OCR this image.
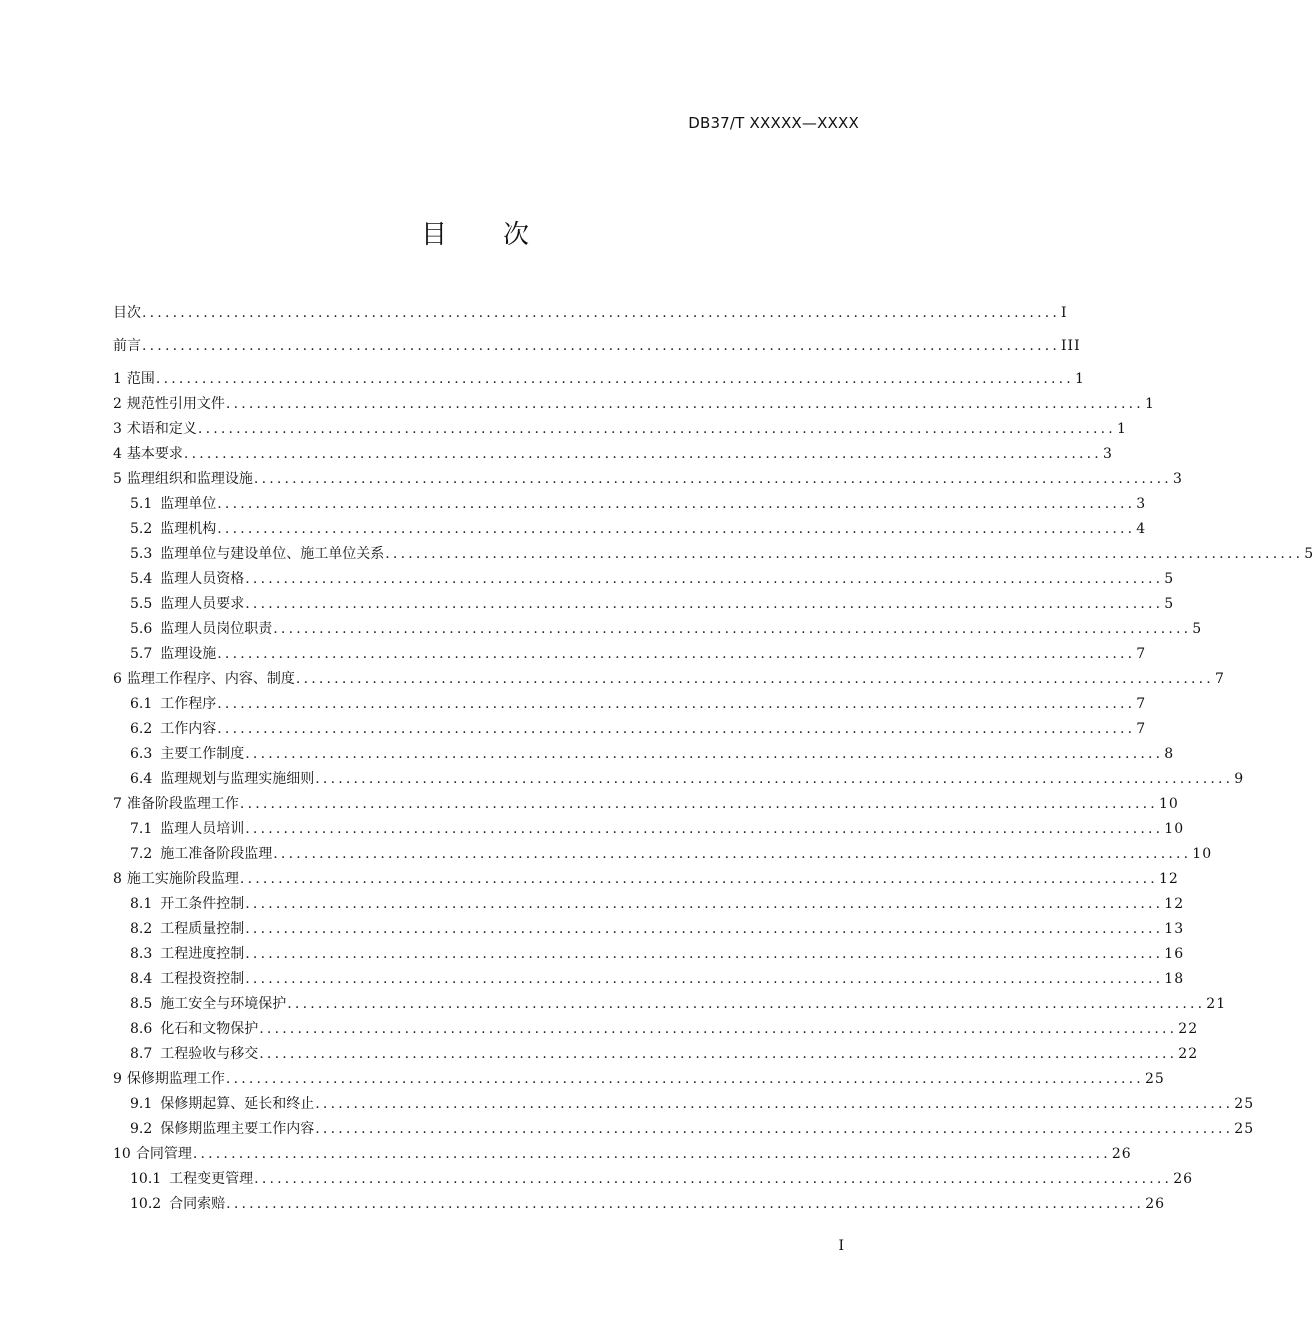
DB37/T XXXXX—XXXX
目 次
目次 ........................................................................................................................ I
前言 ........................................................................................................................ III
1 范围 ........................................................................................................................ 1
2 规范性引用文件 ........................................................................................................................ 1
3 术语和定义 ........................................................................................................................ 1
4 基本要求 ........................................................................................................................ 3
5 监理组织和监理设施 ........................................................................................................................ 3
5.1 监理单位 ........................................................................................................................ 3
5.2 监理机构 ........................................................................................................................ 4
5.3 监理单位与建设单位、施工单位关系 ........................................................................................................................ 5
5.4 监理人员资格 ........................................................................................................................ 5
5.5 监理人员要求 ........................................................................................................................ 5
5.6 监理人员岗位职责 ........................................................................................................................ 5
5.7 监理设施 ........................................................................................................................ 7
6 监理工作程序、内容、制度 ........................................................................................................................ 7
6.1 工作程序 ........................................................................................................................ 7
6.2 工作内容 ........................................................................................................................ 7
6.3 主要工作制度 ........................................................................................................................ 8
6.4 监理规划与监理实施细则 ........................................................................................................................ 9
7 准备阶段监理工作 ........................................................................................................................ 10
7.1 监理人员培训 ........................................................................................................................ 10
7.2 施工准备阶段监理 ........................................................................................................................ 10
8 施工实施阶段监理 ........................................................................................................................ 12
8.1 开工条件控制 ........................................................................................................................ 12
8.2 工程质量控制 ........................................................................................................................ 13
8.3 工程进度控制 ........................................................................................................................ 16
8.4 工程投资控制 ........................................................................................................................ 18
8.5 施工安全与环境保护 ........................................................................................................................ 21
8.6 化石和文物保护 ........................................................................................................................ 22
8.7 工程验收与移交 ........................................................................................................................ 22
9 保修期监理工作 ........................................................................................................................ 25
9.1 保修期起算、延长和终止 ........................................................................................................................ 25
9.2 保修期监理主要工作内容 ........................................................................................................................ 25
10 合同管理 ........................................................................................................................ 26
10.1 工程变更管理 ........................................................................................................................ 26
10.2 合同索赔 ........................................................................................................................ 26
I
